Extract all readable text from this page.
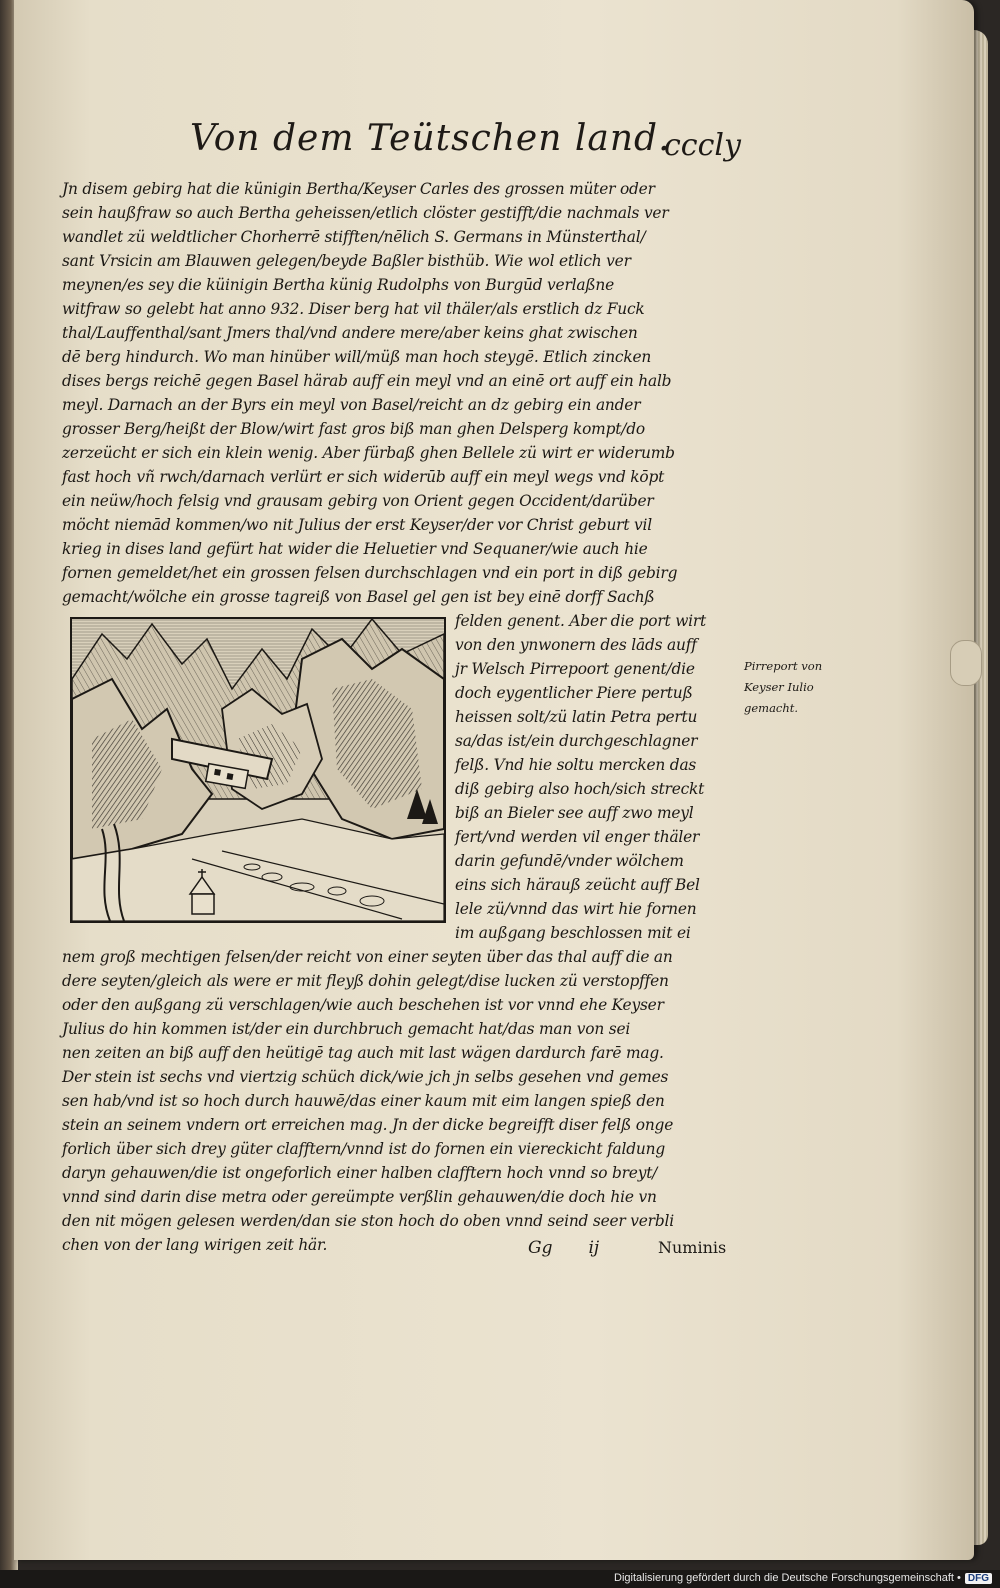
Von dem Teütschen land.
cccly
Jn disem gebirg hat die künigin Bertha/Keyser Carles des grossen müter oder
sein haußfraw so auch Bertha geheissen/etlich clöster gestifft/die nachmals ver
wandlet zü weldtlicher Chorherrē stifften/nēlich S. Germans in Münsterthal/
sant Vrsicin am Blauwen gelegen/beyde Baßler bisthüb. Wie wol etlich ver
meynen/es sey die küinigin Bertha künig Rudolphs von Burgūd verlaßne
witfraw so gelebt hat anno 932. Diser berg hat vil thäler/als erstlich dz Fuck
thal/Lauffenthal/sant Jmers thal/vnd andere mere/aber keins ghat zwischen
dē berg hindurch. Wo man hinüber will/müß man hoch steygē. Etlich zincken
dises bergs reichē gegen Basel härab auff ein meyl vnd an einē ort auff ein halb
meyl. Darnach an der Byrs ein meyl von Basel/reicht an dz gebirg ein ander
grosser Berg/heißt der Blow/wirt fast gros biß man ghen Delsperg kompt/do
zerzeücht er sich ein klein wenig. Aber fürbaß ghen Bellele zü wirt er widerumb
fast hoch vñ rwch/darnach verlürt er sich widerūb auff ein meyl wegs vnd kōpt
ein neüw/hoch felsig vnd grausam gebirg von Orient gegen Occident/darüber
möcht niemād kommen/wo nit Julius der erst Keyser/der vor Christ geburt vil
krieg in dises land gefürt hat wider die Heluetier vnd Sequaner/wie auch hie
fornen gemeldet/het ein grossen felsen durchschlagen vnd ein port in diß gebirg
gemacht/wölche ein grosse tagreiß von Basel gel gen ist bey einē dorff Sachß
felden genent. Aber die port wirt
von den ynwonern des lāds auff
jr Welsch Pirrepoort genent/die
doch eygentlicher Piere pertuß
heissen solt/zü latin Petra pertu
sa/das ist/ein durchgeschlagner
felß. Vnd hie soltu mercken das
diß gebirg also hoch/sich streckt
biß an Bieler see auff zwo meyl
fert/vnd werden vil enger thäler
darin gefundē/vnder wölchem
eins sich härauß zeücht auff Bel
lele zü/vnnd das wirt hie fornen
im außgang beschlossen mit ei
Pirreport von
Keyser Iulio
gemacht.
nem groß mechtigen felsen/der reicht von einer seyten über das thal auff die an
dere seyten/gleich als were er mit fleyß dohin gelegt/dise lucken zü verstopffen
oder den außgang zü verschlagen/wie auch beschehen ist vor vnnd ehe Keyser
Julius do hin kommen ist/der ein durchbruch gemacht hat/das man von sei
nen zeiten an biß auff den heütigē tag auch mit last wägen dardurch farē mag.
Der stein ist sechs vnd viertzig schüch dick/wie jch jn selbs gesehen vnd gemes
sen hab/vnd ist so hoch durch hauwē/das einer kaum mit eim langen spieß den
stein an seinem vndern ort erreichen mag. Jn der dicke begreifft diser felß onge
forlich über sich drey güter clafftern/vnnd ist do fornen ein viereckicht faldung
daryn gehauwen/die ist ongeforlich einer halben clafftern hoch vnnd so breyt/
vnnd sind darin dise metra oder gereümpte verßlin gehauwen/die doch hie vn
den nit mögen gelesen werden/dan sie ston hoch do oben vnnd seind seer verbli
chen von der lang wirigen zeit här.	Gg ij	Numinis
Digitalisierung gefördert durch die Deutsche Forschungsgemeinschaft • DFG
